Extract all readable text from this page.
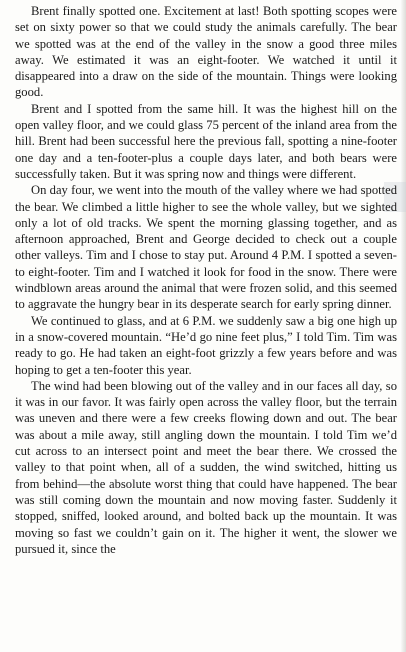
Brent finally spotted one. Excitement at last! Both spotting scopes were set on sixty power so that we could study the animals carefully. The bear we spotted was at the end of the valley in the snow a good three miles away. We estimated it was an eight-footer. We watched it until it disappeared into a draw on the side of the mountain. Things were looking good.

Brent and I spotted from the same hill. It was the highest hill on the open valley floor, and we could glass 75 percent of the inland area from the hill. Brent had been successful here the previous fall, spotting a nine-footer one day and a ten-footer-plus a couple days later, and both bears were successfully taken. But it was spring now and things were different.

On day four, we went into the mouth of the valley where we had spotted the bear. We climbed a little higher to see the whole valley, but we sighted only a lot of old tracks. We spent the morning glassing together, and as afternoon approached, Brent and George decided to check out a couple other valleys. Tim and I chose to stay put. Around 4 P.M. I spotted a seven-to eight-footer. Tim and I watched it look for food in the snow. There were windblown areas around the animal that were frozen solid, and this seemed to aggravate the hungry bear in its desperate search for early spring dinner.

We continued to glass, and at 6 P.M. we suddenly saw a big one high up in a snow-covered mountain. “He’d go nine feet plus,” I told Tim. Tim was ready to go. He had taken an eight-foot grizzly a few years before and was hoping to get a ten-footer this year.

The wind had been blowing out of the valley and in our faces all day, so it was in our favor. It was fairly open across the valley floor, but the terrain was uneven and there were a few creeks flowing down and out. The bear was about a mile away, still angling down the mountain. I told Tim we’d cut across to an intersect point and meet the bear there. We crossed the valley to that point when, all of a sudden, the wind switched, hitting us from behind—the absolute worst thing that could have happened. The bear was still coming down the mountain and now moving faster. Suddenly it stopped, sniffed, looked around, and bolted back up the mountain. It was moving so fast we couldn’t gain on it. The higher it went, the slower we pursued it, since the
